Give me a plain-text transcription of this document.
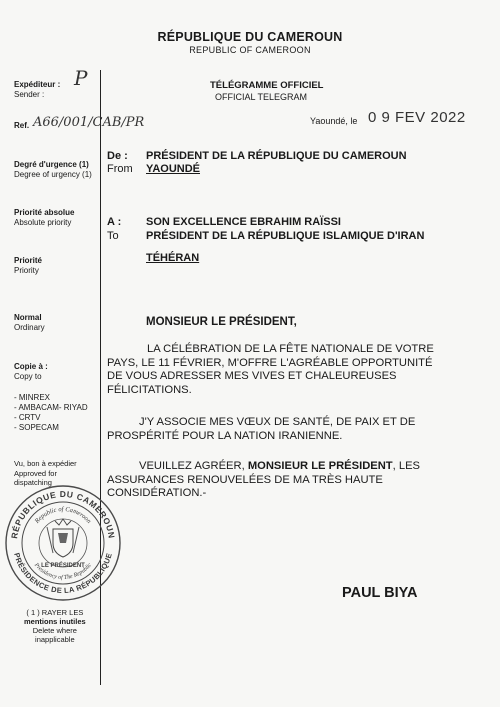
RÉPUBLIQUE DU CAMEROUN
REPUBLIC OF CAMEROON
Expéditeur :
Sender :
P
Ref. A66/001/CAB/PR
Degré d'urgence (1)
Degree of urgency (1)
Priorité absolue
Absolute priority
Priorité
Priority
Normal
Ordinary
Copie à :
Copy to
- MINREX
- AMBACAM- RIYAD
- CRTV
- SOPECAM
Vu, bon à expédier
Approved for
dispatching
RÉPUBLIQUE DU CAMEROUN
PRÉSIDENCE DE LA RÉPUBLIQUE
Republic of Cameroon
Presidency of The Republic
LE PRÉSIDENT
( 1 ) RAYER LES
mentions inutiles
Delete where
inapplicable
TÉLÉGRAMME OFFICIEL
OFFICIAL TELEGRAM
Yaoundé, le 0 9 FEV 2022
De :
From
PRÉSIDENT DE LA RÉPUBLIQUE DU CAMEROUN
YAOUNDÉ
A :
To
SON EXCELLENCE EBRAHIM RAÏSSI
PRÉSIDENT DE LA RÉPUBLIQUE ISLAMIQUE D'IRAN
TÉHÉRAN
MONSIEUR LE PRÉSIDENT,
LA CÉLÉBRATION DE LA FÊTE NATIONALE DE VOTRE
PAYS, LE 11 FÉVRIER, M'OFFRE L'AGRÉABLE OPPORTUNITÉ
DE VOUS ADRESSER MES VIVES ET CHALEUREUSES
FÉLICITATIONS.
J'Y ASSOCIE MES VŒUX DE SANTÉ, DE PAIX ET DE
PROSPÉRITÉ POUR LA NATION IRANIENNE.
VEUILLEZ AGRÉER, MONSIEUR LE PRÉSIDENT, LES
ASSURANCES RENOUVELÉES DE MA TRÈS HAUTE
CONSIDÉRATION.-
PAUL BIYA
